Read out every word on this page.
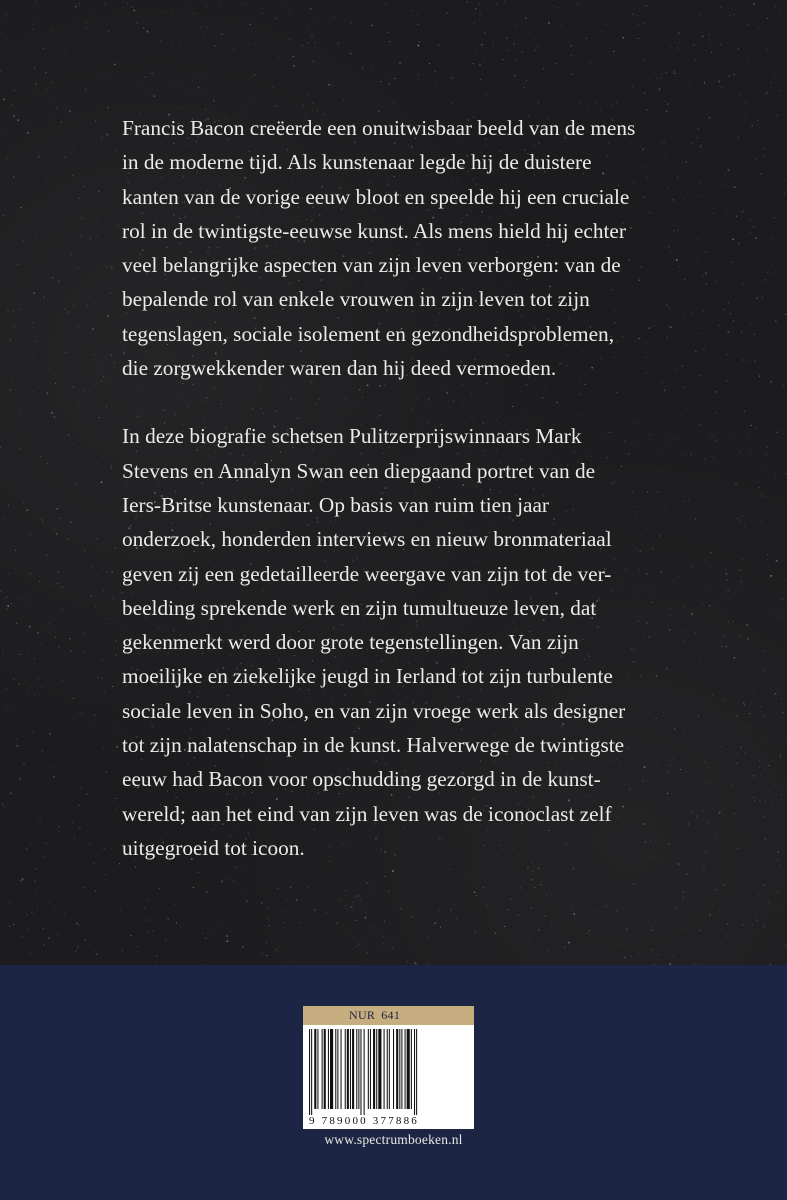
Francis Bacon creëerde een onuitwisbaar beeld van de mens
in de moderne tijd. Als kunstenaar legde hij de duistere
kanten van de vorige eeuw bloot en speelde hij een cruciale
rol in de twintigste-eeuwse kunst. Als mens hield hij echter
veel belangrijke aspecten van zijn leven verborgen: van de
bepalende rol van enkele vrouwen in zijn leven tot zijn
tegenslagen, sociale isolement en gezondheidsproblemen,
die zorgwekkender waren dan hij deed vermoeden.

In deze biografie schetsen Pulitzerprijswinnaars Mark
Stevens en Annalyn Swan een diepgaand portret van de
Iers-Britse kunstenaar. Op basis van ruim tien jaar
onderzoek, honderden interviews en nieuw bronmateriaal
geven zij een gedetailleerde weergave van zijn tot de ver-
beelding sprekende werk en zijn tumultueuze leven, dat
gekenmerkt werd door grote tegenstellingen. Van zijn
moeilijke en ziekelijke jeugd in Ierland tot zijn turbulente
sociale leven in Soho, en van zijn vroege werk als designer
tot zijn nalatenschap in de kunst. Halverwege de twintigste
eeuw had Bacon voor opschudding gezorgd in de kunst-
wereld; aan het eind van zijn leven was de iconoclast zelf
uitgegroeid tot icoon.

NUR 641
9 789000 377886
www.spectrumboeken.nl
